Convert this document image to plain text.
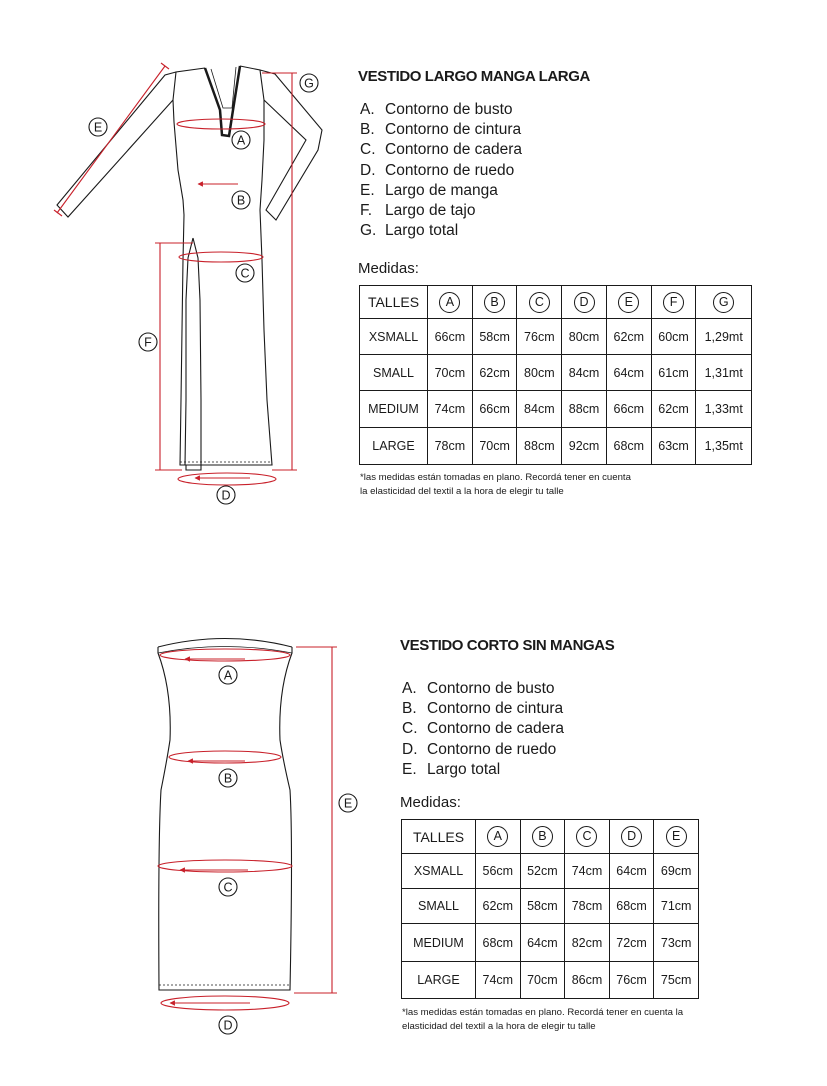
A
B
C
D
E
F
G
A
B
C
D
E
VESTIDO LARGO MANGA LARGA
A. Contorno de busto
B. Contorno de cintura
C. Contorno de cadera
D. Contorno de ruedo
E. Largo de manga
F. Largo de tajo
G. Largo total
Medidas:
TALLES	A	B	C	D	E	F	G
XSMALL	66cm	58cm	76cm	80cm	62cm	60cm	1,29mt
SMALL	70cm	62cm	80cm	84cm	64cm	61cm	1,31mt
MEDIUM	74cm	66cm	84cm	88cm	66cm	62cm	1,33mt
LARGE	78cm	70cm	88cm	92cm	68cm	63cm	1,35mt
*las medidas están tomadas en plano. Recordá tener en cuenta
la elasticidad del textil a la hora de elegir tu talle
VESTIDO CORTO SIN MANGAS
A. Contorno de busto
B. Contorno de cintura
C. Contorno de cadera
D. Contorno de ruedo
E. Largo total
Medidas:
TALLES	A	B	C	D	E
XSMALL	56cm	52cm	74cm	64cm	69cm
SMALL	62cm	58cm	78cm	68cm	71cm
MEDIUM	68cm	64cm	82cm	72cm	73cm
LARGE	74cm	70cm	86cm	76cm	75cm
*las medidas están tomadas en plano. Recordá tener en cuenta la
elasticidad del textil a la hora de elegir tu talle
